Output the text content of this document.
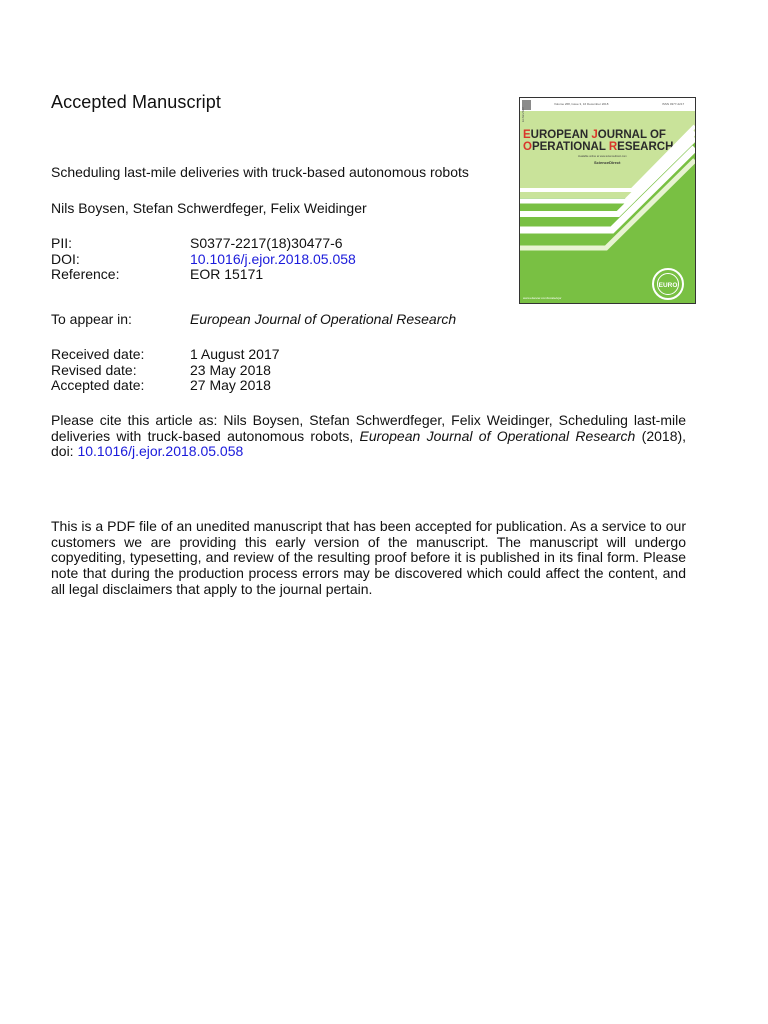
Accepted Manuscript
Scheduling last-mile deliveries with truck-based autonomous robots
Nils Boysen, Stefan Schwerdfeger, Felix Weidinger
PII:	S0377-2217(18)30477-6
DOI:	10.1016/j.ejor.2018.05.058
Reference:	EOR 15171
To appear in:	European Journal of Operational Research
Received date:	1 August 2017
Revised date:	23 May 2018
Accepted date:	27 May 2018
Please cite this article as: Nils Boysen, Stefan Schwerdfeger, Felix Weidinger, Scheduling last-mile deliveries with truck-based autonomous robots, European Journal of Operational Research (2018), doi: 10.1016/j.ejor.2018.05.058
This is a PDF file of an unedited manuscript that has been accepted for publication. As a service to our customers we are providing this early version of the manuscript. The manuscript will undergo copyediting, typesetting, and review of the resulting proof before it is published in its final form. Please note that during the production process errors may be discovered which could affect the content, and all legal disclaimers that apply to the journal pertain.
Volume 268, Issue 3, 16 December 2018	ISSN 0377-2217
ELSEVIER
EUROPEAN JOURNAL OF
OPERATIONAL RESEARCH
Available online at www.sciencedirect.com
ScienceDirect
EURO
www.elsevier.com/locate/ejor
